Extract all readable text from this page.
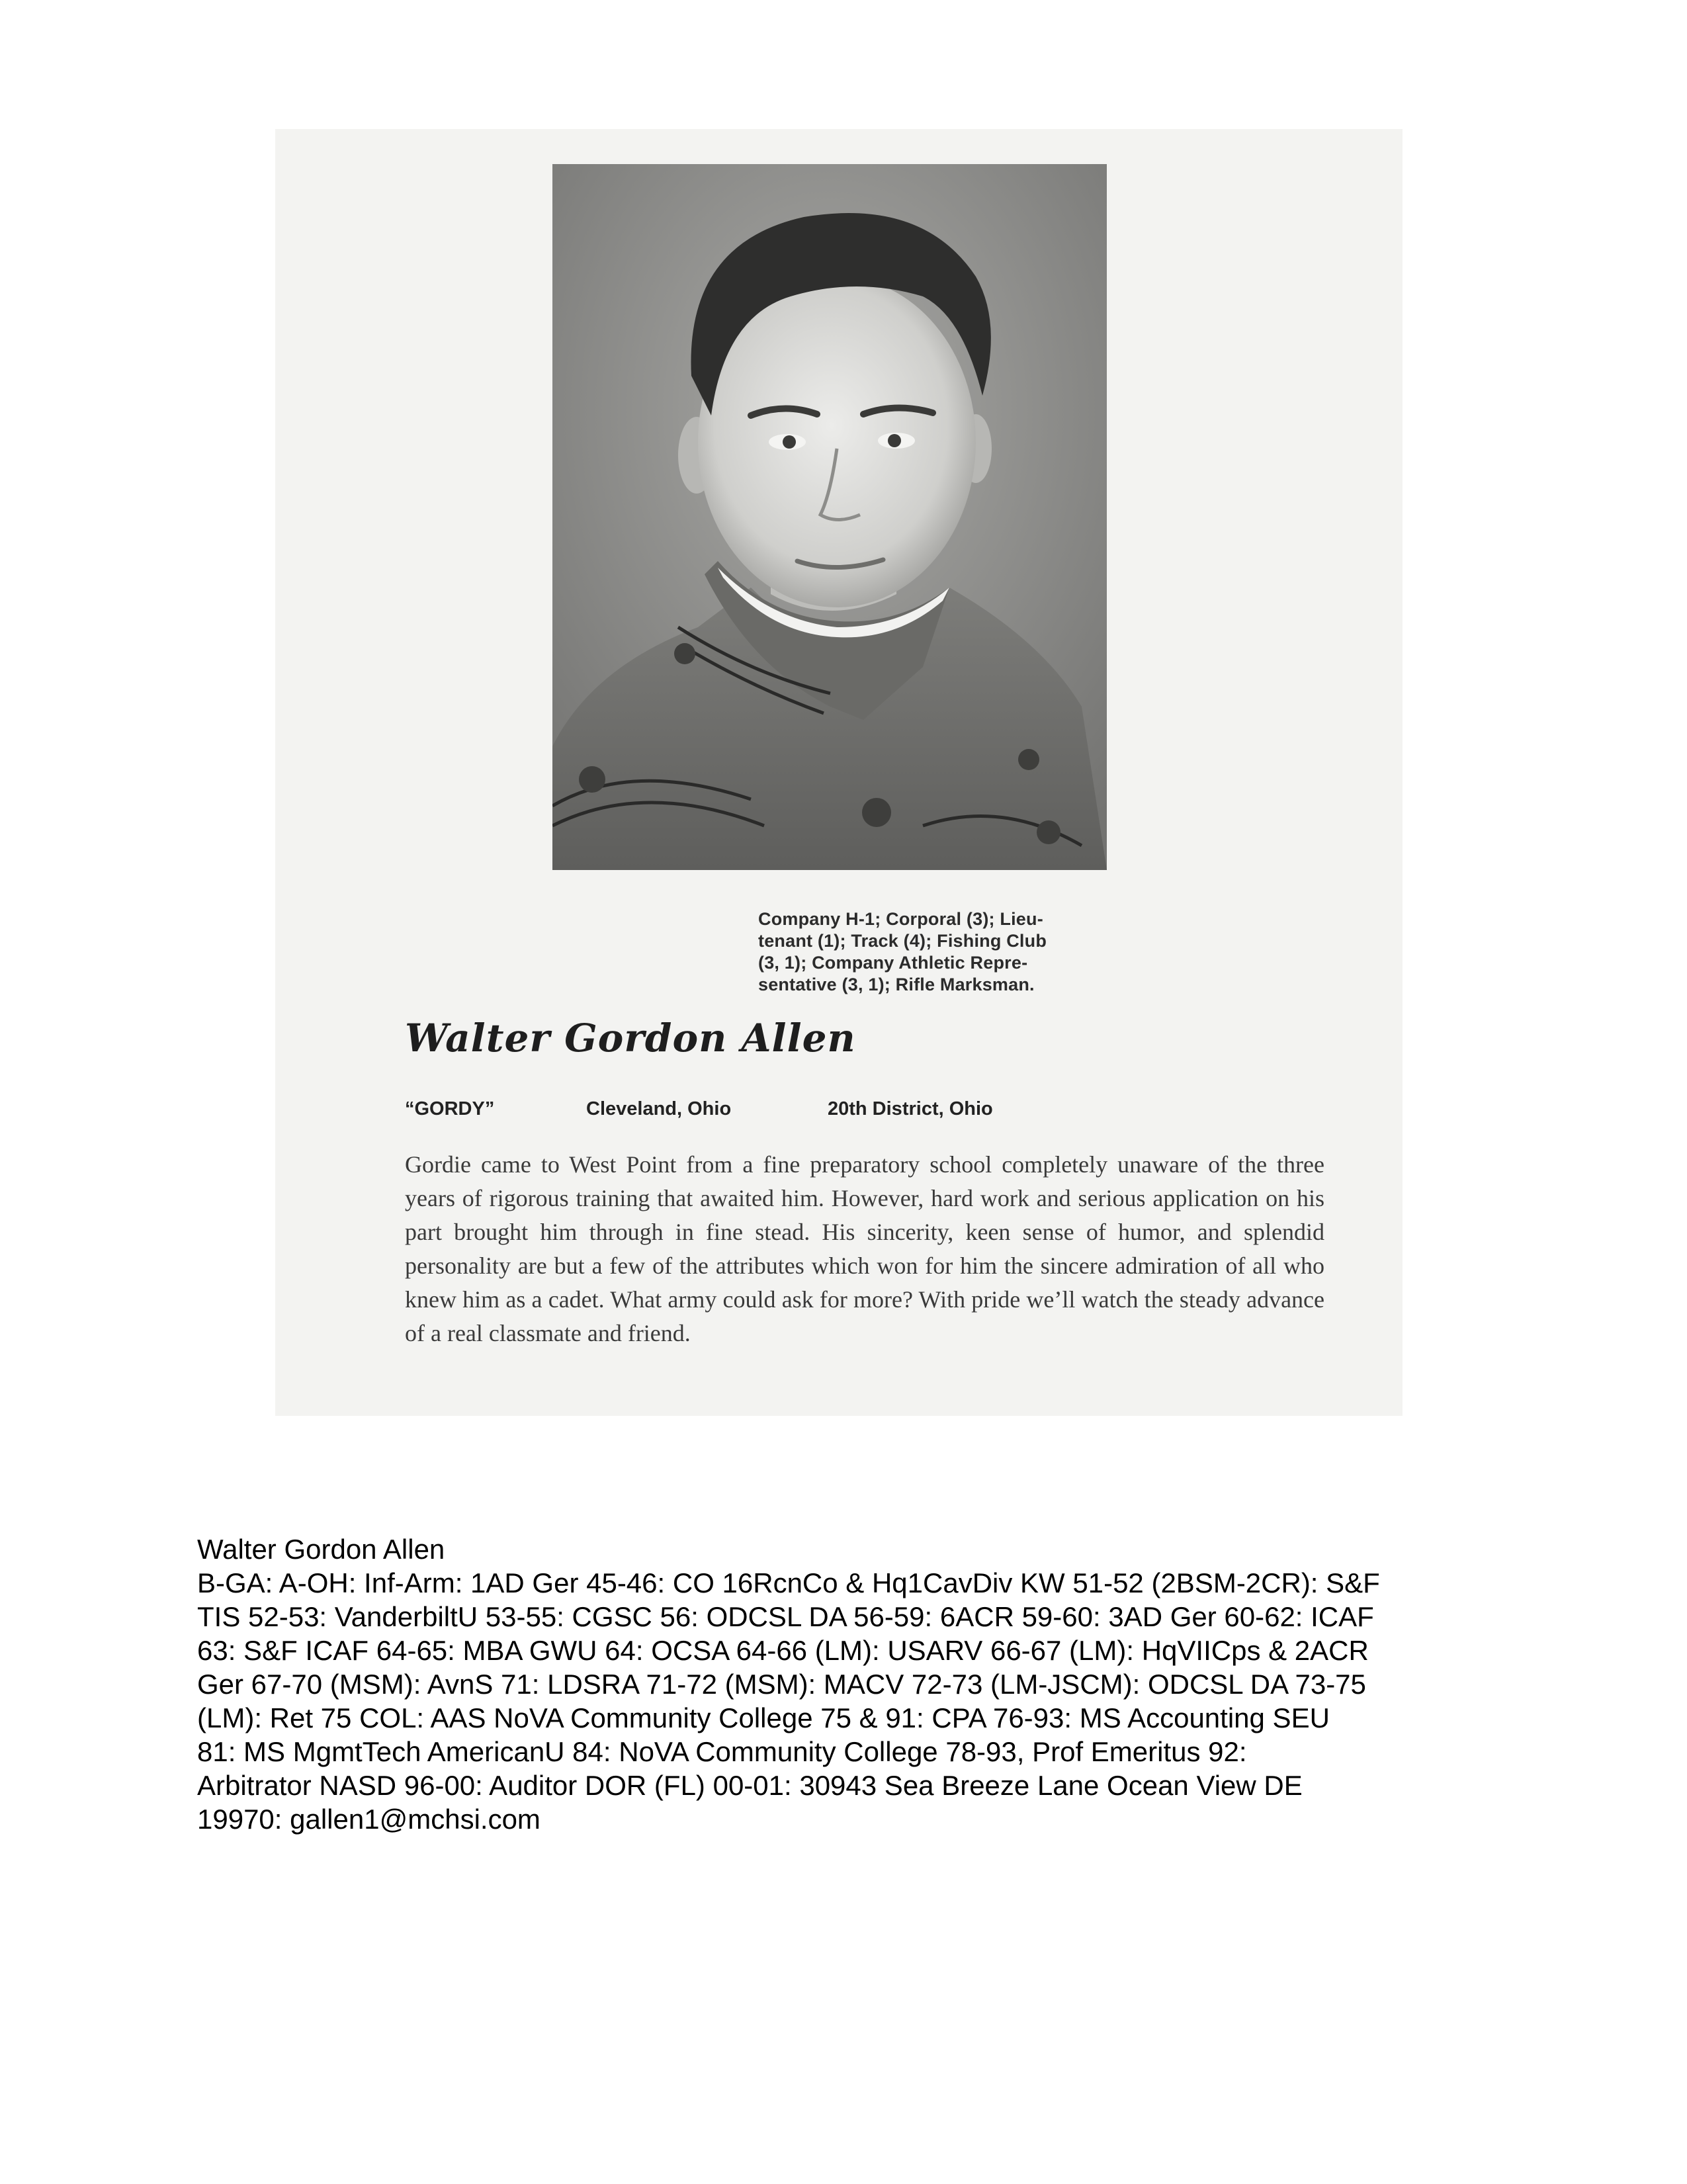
Company H-1; Corporal (3); Lieu-
tenant (1); Track (4); Fishing Club
(3, 1); Company Athletic Repre-
sentative (3, 1); Rifle Marksman.
Walter Gordon Allen
“GORDY”	Cleveland, Ohio	20th District, Ohio
Gordie came to West Point from a fine preparatory school completely unaware of the three years of rigorous training that awaited him. However, hard work and serious application on his part brought him through in fine stead. His sincerity, keen sense of humor, and splendid personality are but a few of the attributes which won for him the sincere admiration of all who knew him as a cadet. What army could ask for more? With pride we’ll watch the steady advance of a real classmate and friend.
Walter Gordon Allen
B-GA: A-OH: Inf-Arm: 1AD Ger 45-46: CO 16RcnCo & Hq1CavDiv KW 51-52 (2BSM-2CR): S&F
TIS 52-53: VanderbiltU 53-55: CGSC 56: ODCSL DA 56-59: 6ACR 59-60: 3AD Ger 60-62: ICAF
63: S&F ICAF 64-65: MBA GWU 64: OCSA 64-66 (LM): USARV 66-67 (LM): HqVIICps & 2ACR
Ger 67-70 (MSM): AvnS 71: LDSRA 71-72 (MSM): MACV 72-73 (LM-JSCM): ODCSL DA 73-75
(LM): Ret 75 COL: AAS NoVA Community College 75 & 91: CPA 76-93: MS Accounting SEU
81: MS MgmtTech AmericanU 84: NoVA Community College 78-93, Prof Emeritus 92:
Arbitrator NASD 96-00: Auditor DOR (FL) 00-01: 30943 Sea Breeze Lane Ocean View DE
19970: gallen1@mchsi.com
